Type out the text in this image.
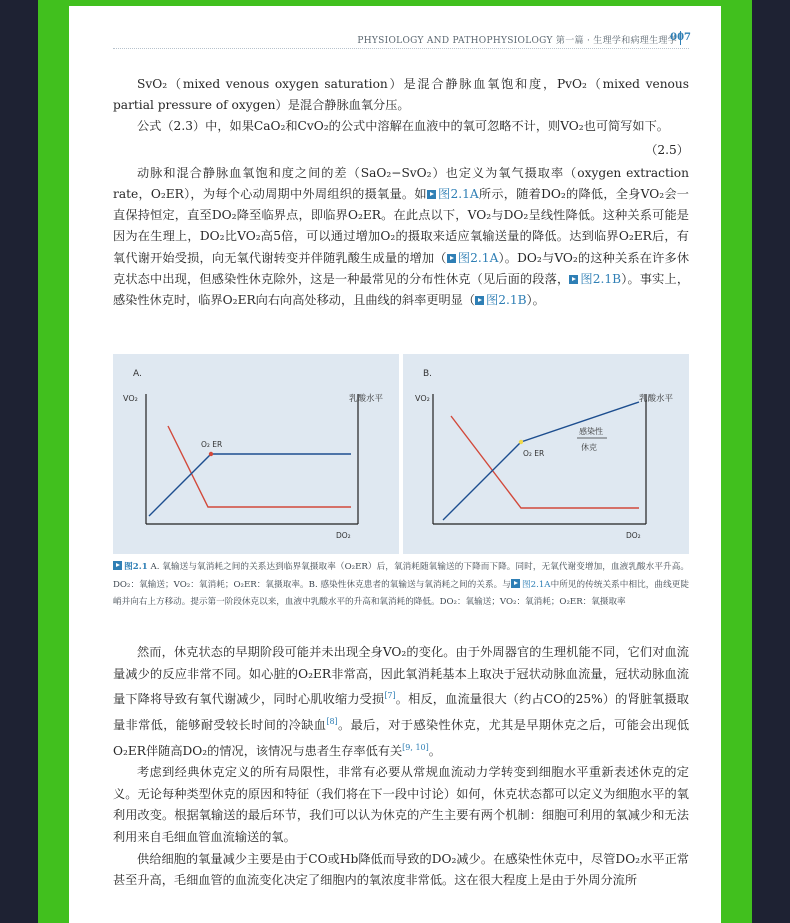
PHYSIOLOGY AND PATHOPHYSIOLOGY 第一篇 · 生理学和病理生理学
007

SvO₂（mixed venous oxygen saturation）是混合静脉血氧饱和度，PvO₂（mixed venous partial pressure of oxygen）是混合静脉血氧分压。

公式（2.3）中，如果CaO₂和CvO₂的公式中溶解在血液中的氧可忽略不计，则VO₂也可简写如下。

（2.5）

动脉和混合静脉血氧饱和度之间的差（SaO₂−SvO₂）也定义为氧气摄取率（oxygen extraction rate，O₂ER），为每个心动周期中外周组织的摄氧量。如 图2.1A所示，随着DO₂的降低，全身VO₂会一直保持恒定，直至DO₂降至临界点，即临界O₂ER。在此点以下，VO₂与DO₂呈线性降低。这种关系可能是因为在生理上，DO₂比VO₂高5倍，可以通过增加O₂的摄取来适应氧输送量的降低。达到临界O₂ER后，有氧代谢开始受损，向无氧代谢转变并伴随乳酸生成量的增加（ 图2.1A）。DO₂与VO₂的这种关系在许多休克状态中出现，但感染性休克除外，这是一种最常见的分布性休克（见后面的段落， 图2.1B）。事实上，感染性休克时，临界O₂ER向右向高处移动，且曲线的斜率更明显（ 图2.1B）。

A.
VO₂	乳酸水平
O₂ ER
DO₂
B.
VO₂	乳酸水平
O₂ ER
感染性
休克
DO₂
图2.1 A. 氧输送与氧消耗之间的关系达到临界氧摄取率（O₂ER）后，氧消耗随氧输送的下降而下降。同时，无氧代谢变增加，血液乳酸水平升高。DO₂：氧输送；VO₂：氧消耗；O₂ER：氧摄取率。B. 感染性休克患者的氧输送与氧消耗之间的关系。与 图2.1A中所见的传统关系中相比，曲线更陡峭并向右上方移动。提示第一阶段休克以来，血液中乳酸水平的升高和氧消耗的降低。DO₂：氧输送；VO₂：氧消耗；O₂ER：氧摄取率

然而，休克状态的早期阶段可能并未出现全身VO₂的变化。由于外周器官的生理机能不同，它们对血流量减少的反应非常不同。如心脏的O₂ER非常高，因此氧消耗基本上取决于冠状动脉血流量，冠状动脉血流量下降将导致有氧代谢减少，同时心肌收缩力受损[7]。相反，血流量很大（约占CO的25%）的肾脏氧摄取量非常低，能够耐受较长时间的冷缺血[8]。最后，对于感染性休克，尤其是早期休克之后，可能会出现低O₂ER伴随高DO₂的情况，该情况与患者生存率低有关[9, 10]。

考虑到经典休克定义的所有局限性，非常有必要从常规血流动力学转变到细胞水平重新表述休克的定义。无论每种类型休克的原因和特征（我们将在下一段中讨论）如何，休克状态都可以定义为细胞水平的氧利用改变。根据氧输送的最后环节，我们可以认为休克的产生主要有两个机制：细胞可利用的氧减少和无法利用来自毛细血管血流输送的氧。

供给细胞的氧量减少主要是由于CO或Hb降低而导致的DO₂减少。在感染性休克中，尽管DO₂水平正常甚至升高，毛细血管的血流变化决定了细胞内的氧浓度非常低。这在很大程度上是由于外周分流所
